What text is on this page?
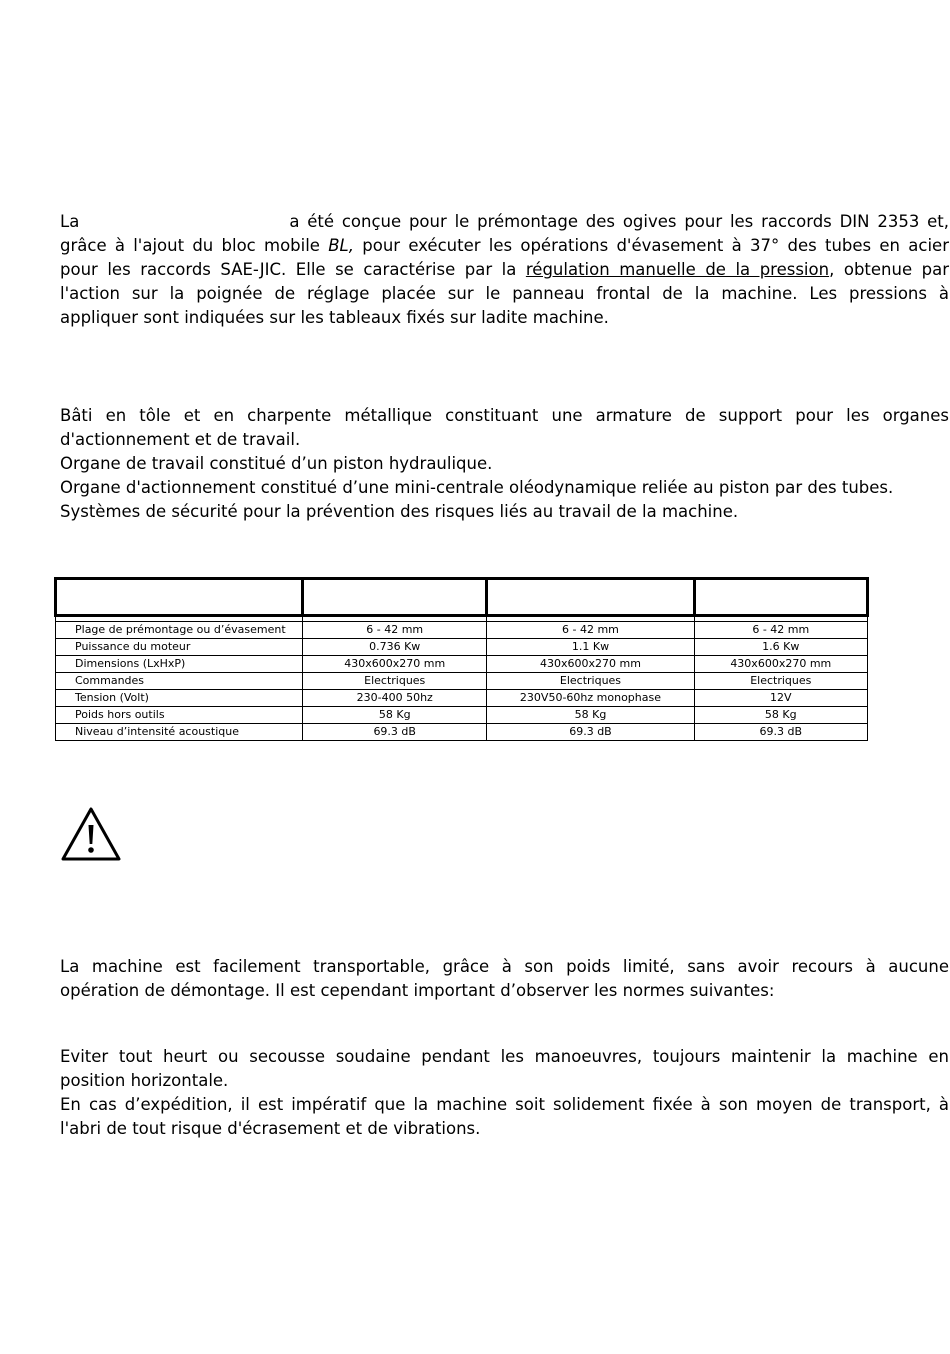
La	a été conçue pour le prémontage des ogives pour les raccords DIN 2353 et,
grâce à l'ajout du bloc mobile BL, pour exécuter les opérations d'évasement à 37° des tubes en acier
pour les raccords SAE-JIC. Elle se caractérise par la régulation manuelle de la pression, obtenue par
l'action sur la poignée de réglage placée sur le panneau frontal de la machine. Les pressions à
appliquer sont indiquées sur les tableaux fixés sur ladite machine.
Bâti en tôle et en charpente métallique constituant une armature de support pour les organes
d'actionnement et de travail.
Organe de travail constitué d’un piston hydraulique.
Organe d'actionnement constitué d’une mini-centrale oléodynamique reliée au piston par des tubes.
Systèmes de sécurité pour la prévention des risques liés au travail de la machine.

Plage de prémontage ou d’évasement	6 - 42 mm	6 - 42 mm	6 - 42 mm
Puissance du moteur	0.736 Kw	1.1 Kw	1.6 Kw
Dimensions (LxHxP)	430x600x270 mm	430x600x270 mm	430x600x270 mm
Commandes	Electriques	Electriques	Electriques
Tension (Volt)	230-400 50hz	230V50-60hz monophase	12V
Poids hors outils	58 Kg	58 Kg	58 Kg
Niveau d’intensité acoustique	69.3 dB	69.3 dB	69.3 dB
La machine est facilement transportable, grâce à son poids limité, sans avoir recours à aucune
opération de démontage. Il est cependant important d’observer les normes suivantes:
Eviter tout heurt ou secousse soudaine pendant les manoeuvres, toujours maintenir la machine en
position horizontale.
En cas d’expédition, il est impératif que la machine soit solidement fixée à son moyen de transport, à
l'abri de tout risque d'écrasement et de vibrations.
